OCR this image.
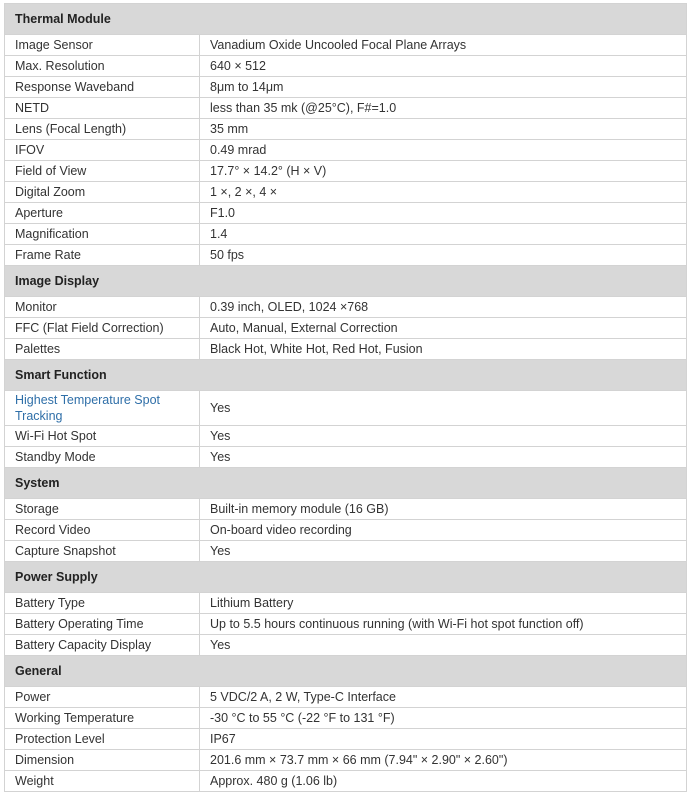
Thermal Module	
Image Sensor	Vanadium Oxide Uncooled Focal Plane Arrays
Max. Resolution	640 × 512
Response Waveband	8μm to 14μm
NETD	less than 35 mk (@25°C), F#=1.0
Lens (Focal Length)	35 mm
IFOV	0.49 mrad
Field of View	17.7° × 14.2° (H × V)
Digital Zoom	1 ×, 2 ×, 4 ×
Aperture	F1.0
Magnification	1.4
Frame Rate	50 fps
Image Display	
Monitor	0.39 inch, OLED, 1024 ×768
FFC (Flat Field Correction)	Auto, Manual, External Correction
Palettes	Black Hot, White Hot, Red Hot, Fusion
Smart Function	
Highest Temperature Spot Tracking	Yes
Wi-Fi Hot Spot	Yes
Standby Mode	Yes
System	
Storage	Built-in memory module (16 GB)
Record Video	On-board video recording
Capture Snapshot	Yes
Power Supply	
Battery Type	Lithium Battery
Battery Operating Time	Up to 5.5 hours continuous running (with Wi-Fi hot spot function off)
Battery Capacity Display	Yes
General	
Power	5 VDC/2 A, 2 W, Type-C Interface
Working Temperature	-30 °C to 55 °C (-22 °F to 131 °F)
Protection Level	IP67
Dimension	201.6 mm × 73.7 mm × 66 mm (7.94" × 2.90" × 2.60")
Weight	Approx. 480 g (1.06 lb)
